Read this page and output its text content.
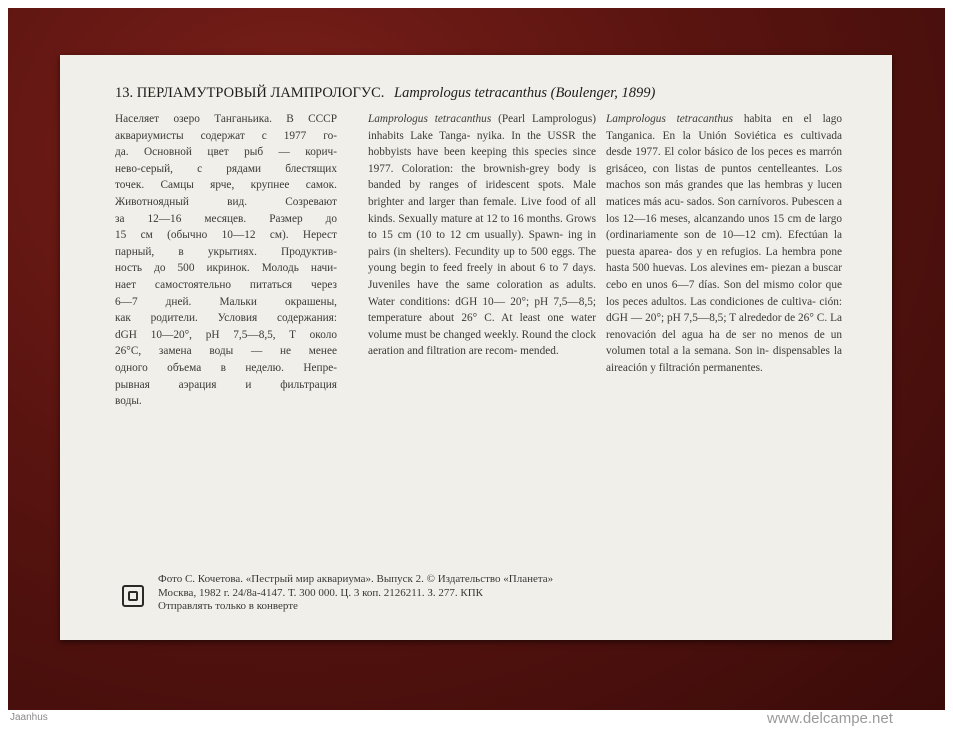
13. ПЕРЛАМУТРОВЫЙ ЛАМПРОЛОГУС. Lamprologus tetracanthus (Boulenger, 1899)
Населяет озеро Танганьика. В СССР
аквариумисты содержат с 1977 го-
да. Основной цвет рыб — корич-
нево-серый, с рядами блестящих
точек. Самцы ярче, крупнее самок.
Животноядный вид. Созревают
за 12—16 месяцев. Размер до
15 см (обычно 10—12 см). Нерест
парный, в укрытиях. Продуктив-
ность до 500 икринок. Молодь начи-
нает самостоятельно питаться через
6—7 дней. Мальки окрашены,
как родители. Условия содержания:
dGH 10—20°, pH 7,5—8,5, T около
26°C, замена воды — не менее
одного объема в неделю. Непре-
рывная аэрация и фильтрация
воды.

Lamprologus tetracanthus (Pearl Lamprologus) inhabits Lake Tanga- nyika. In the USSR the hobbyists have been keeping this species since 1977. Coloration: the brownish-grey body is banded by ranges of iridescent spots. Male brighter and larger than female. Live food of all kinds. Sexually mature at 12 to 16 months. Grows to 15 cm (10 to 12 cm usually). Spawn- ing in pairs (in shelters). Fecundity up to 500 eggs. The young begin to feed freely in about 6 to 7 days. Juveniles have the same coloration as adults. Water conditions: dGH 10— 20°; pH 7,5—8,5; temperature about 26° C. At least one water volume must be changed weekly. Round the clock aeration and filtration are recom- mended.

Lamprologus tetracanthus habita en el lago Tanganica. En la Unión Soviética es cultivada desde 1977. El color básico de los peces es marrón grisáceo, con listas de puntos centelleantes. Los machos son más grandes que las hembras y lucen matices más acu- sados. Son carnívoros. Pubescen a los 12—16 meses, alcanzando unos 15 cm de largo (ordinariamente son de 10—12 cm). Efectúan la puesta aparea- dos y en refugios. La hembra pone hasta 500 huevas. Los alevines em- piezan a buscar cebo en unos 6—7 días. Son del mismo color que los peces adultos. Las condiciones de cultiva- ción: dGH — 20°; pH 7,5—8,5; T alrededor de 26° C. La renovación del agua ha de ser no menos de un volumen total a la semana. Son in- dispensables la aireación y filtración permanentes.

Фото С. Кочетова. «Пестрый мир аквариума». Выпуск 2. © Издательство «Планета»
Москва, 1982 г. 24/8а-4147. Т. 300 000. Ц. 3 коп. 2126211. З. 277. КПК
Отправлять только в конверте
Jaanhus	www.delcampe.net
